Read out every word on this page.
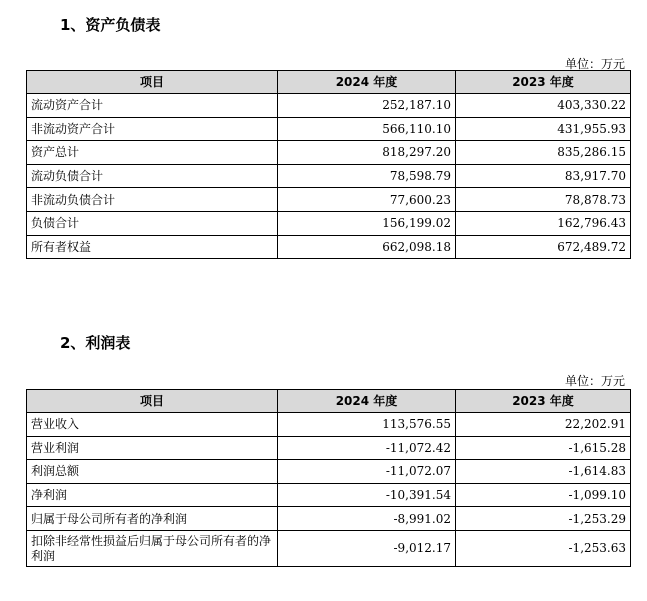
1、资产负债表
单位：万元
项目	2024 年度	2023 年度
流动资产合计	252,187.10	403,330.22
非流动资产合计	566,110.10	431,955.93
资产总计	818,297.20	835,286.15
流动负债合计	78,598.79	83,917.70
非流动负债合计	77,600.23	78,878.73
负债合计	156,199.02	162,796.43
所有者权益	662,098.18	672,489.72
2、利润表
单位：万元
项目	2024 年度	2023 年度
营业收入	113,576.55	22,202.91
营业利润	-11,072.42	-1,615.28
利润总额	-11,072.07	-1,614.83
净利润	-10,391.54	-1,099.10
归属于母公司所有者的净利润	-8,991.02	-1,253.29
扣除非经常性损益后归属于母公司所有者的净利润	-9,012.17	-1,253.63
